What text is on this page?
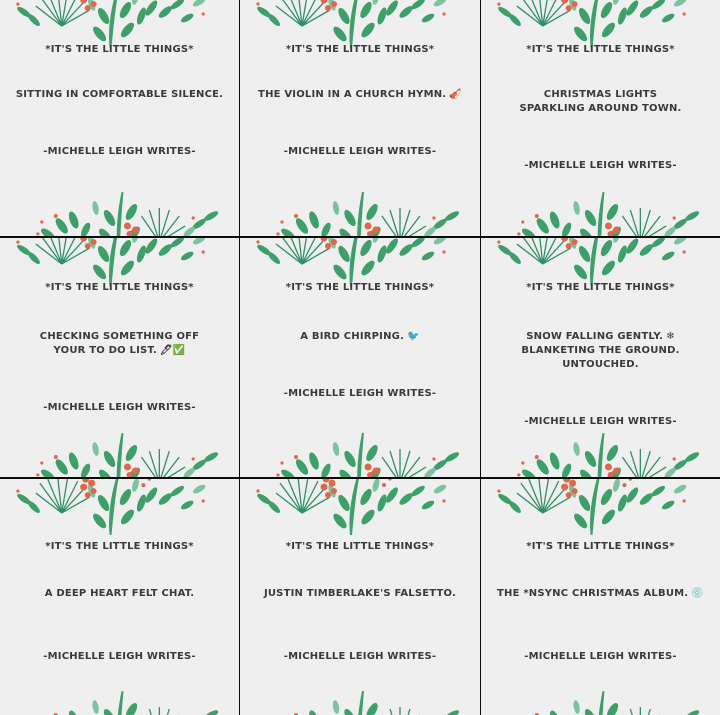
*IT'S THE LITTLE THINGS*
SITTING IN COMFORTABLE SILENCE.
-MICHELLE LEIGH WRITES-
*IT'S THE LITTLE THINGS*
THE VIOLIN IN A CHURCH HYMN. 🎻
-MICHELLE LEIGH WRITES-
*IT'S THE LITTLE THINGS*
CHRISTMAS LIGHTS
SPARKLING AROUND TOWN.
-MICHELLE LEIGH WRITES-
*IT'S THE LITTLE THINGS*
CHECKING SOMETHING OFF
YOUR TO DO LIST. 🖊✅
-MICHELLE LEIGH WRITES-
*IT'S THE LITTLE THINGS*
A BIRD CHIRPING. 🐦
-MICHELLE LEIGH WRITES-
*IT'S THE LITTLE THINGS*
SNOW FALLING GENTLY. ❄
BLANKETING THE GROUND.
UNTOUCHED.
-MICHELLE LEIGH WRITES-
*IT'S THE LITTLE THINGS*
A DEEP HEART FELT CHAT.
-MICHELLE LEIGH WRITES-
*IT'S THE LITTLE THINGS*
JUSTIN TIMBERLAKE'S FALSETTO.
-MICHELLE LEIGH WRITES-
*IT'S THE LITTLE THINGS*
THE *NSYNC CHRISTMAS ALBUM. 💿
-MICHELLE LEIGH WRITES-
